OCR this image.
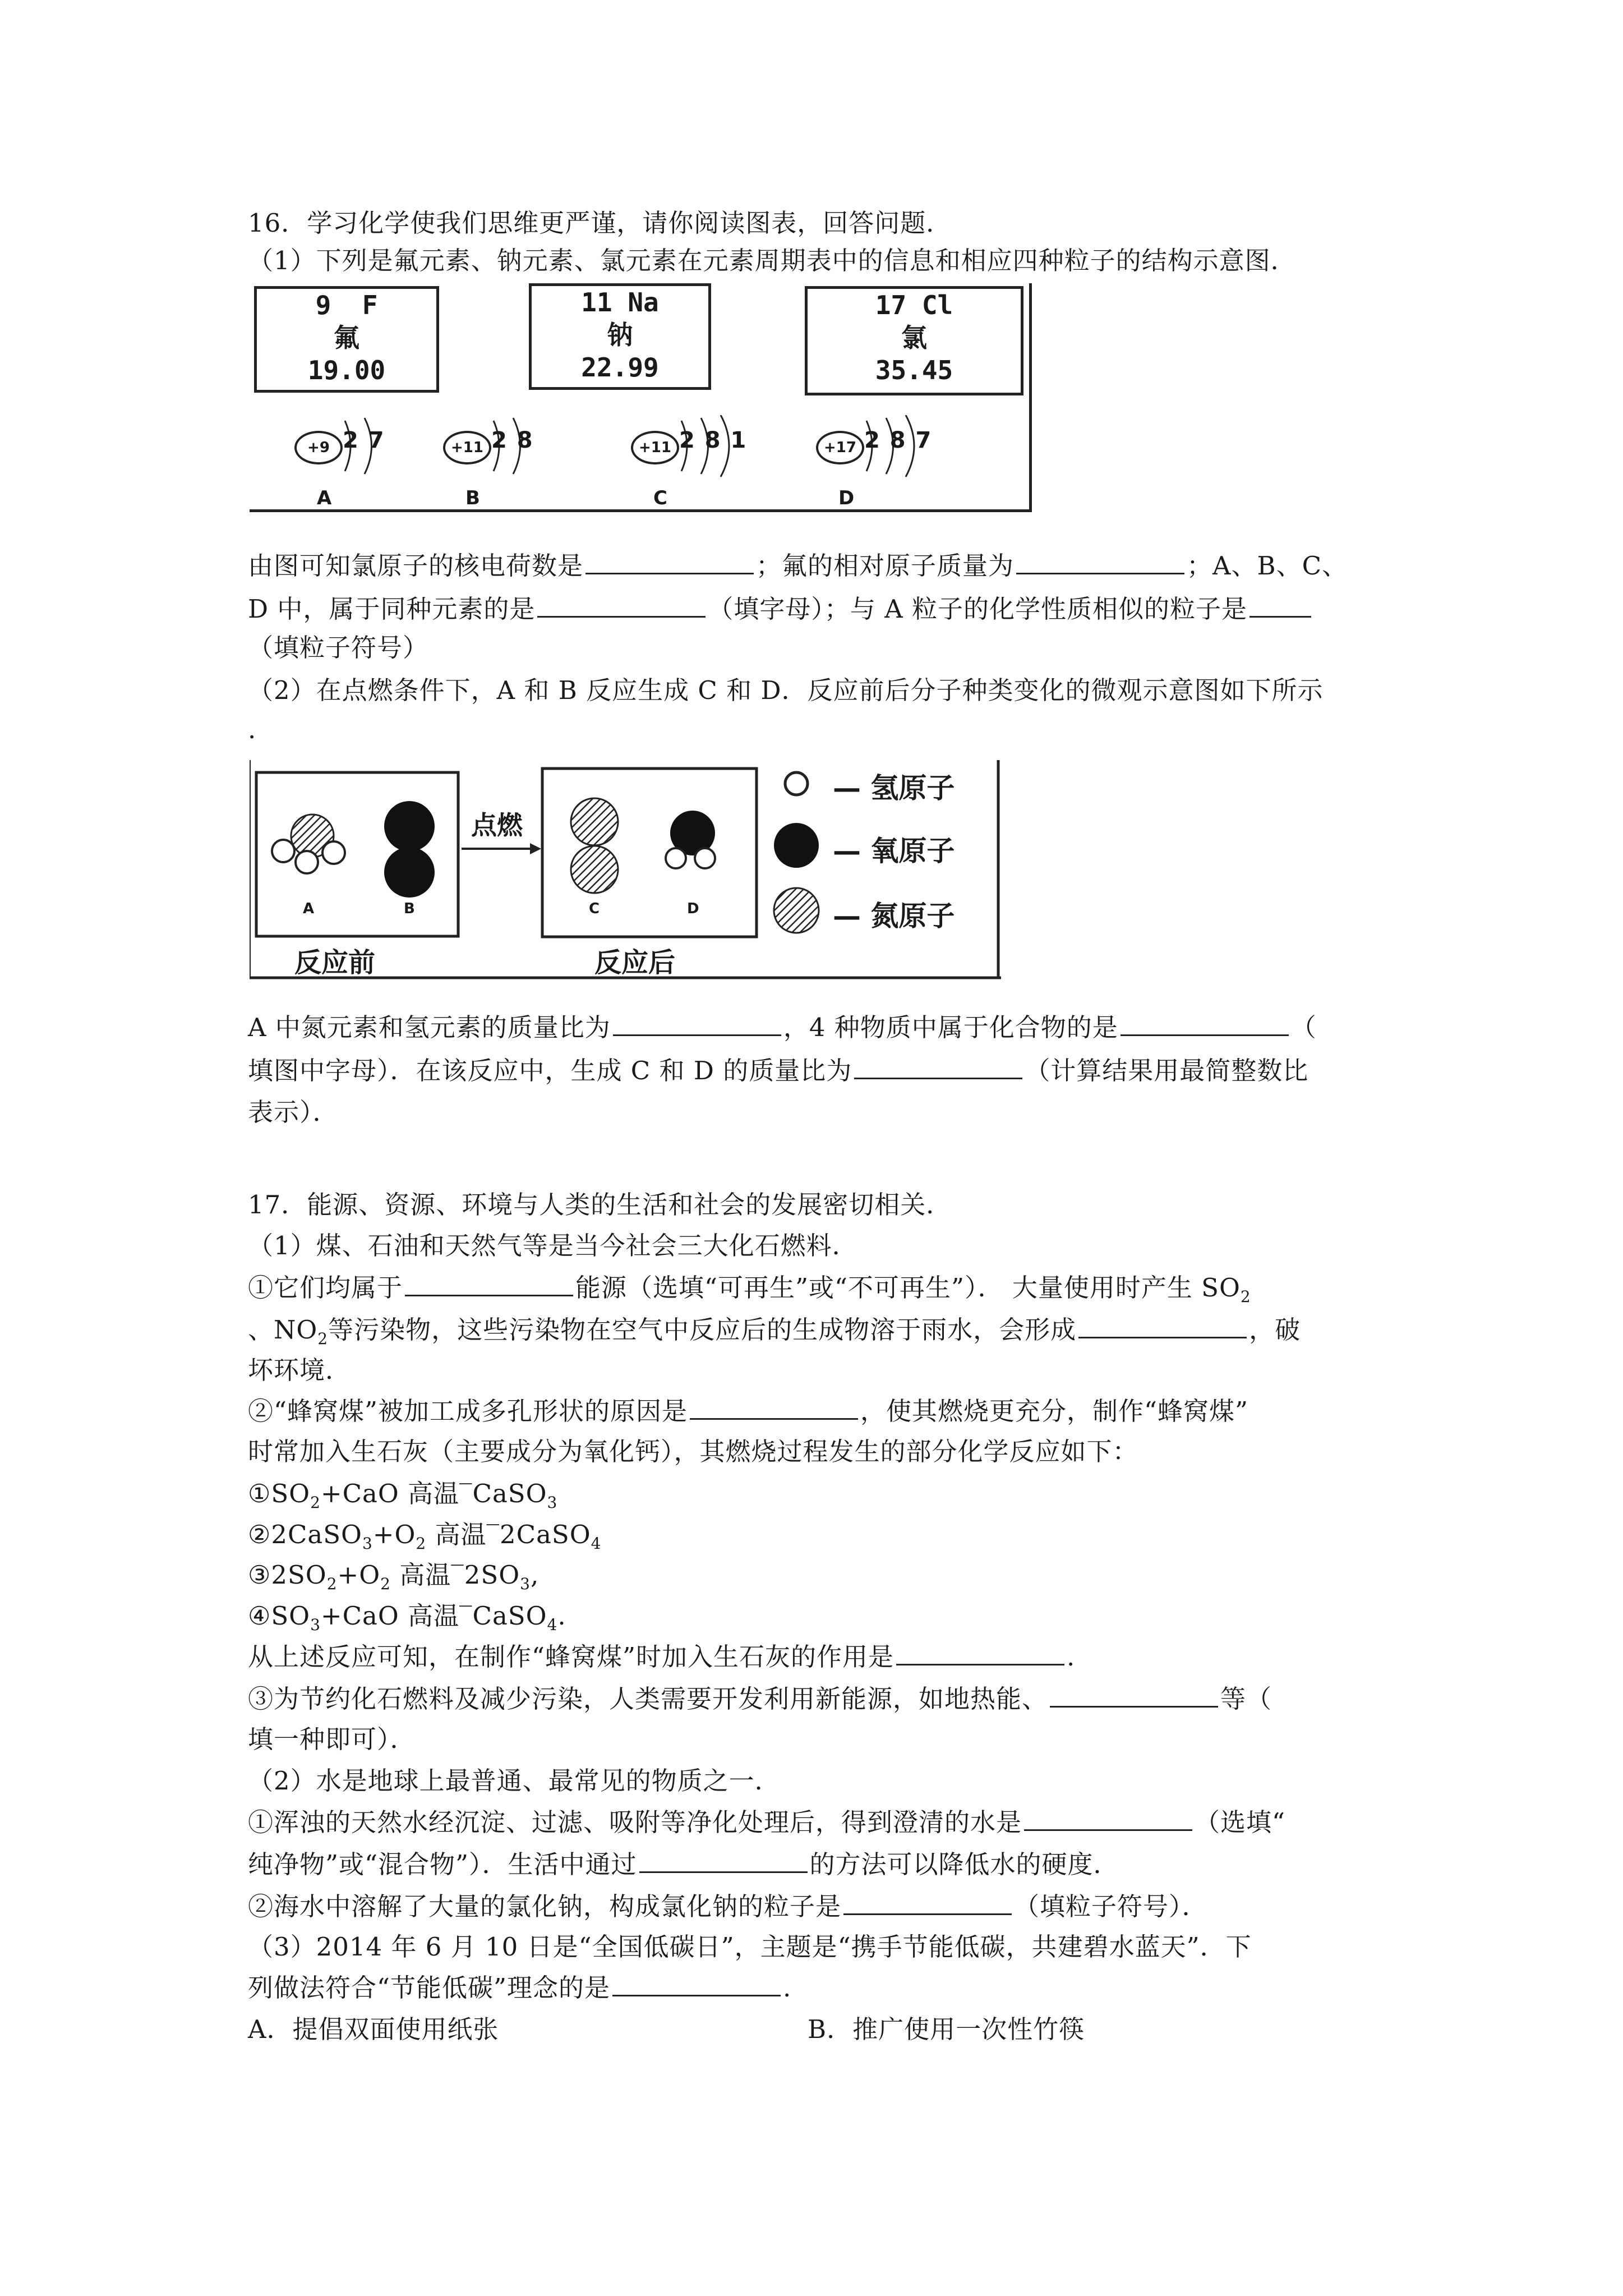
16．学习化学使我们思维更严谨，请你阅读图表，回答问题．
（1）下列是氟元素、钠元素、氯元素在元素周期表中的信息和相应四种粒子的结构示意图．
9  F
氟
19.00
11 Na
钠
22.99
17 Cl
氯
35.45
+9 2 7
A
+11 2 8
B
+11 2 8 1
C
+17 2 8 7
D
由图可知氯原子的核电荷数是	；氟的相对原子质量为	；A、B、C、
D 中，属于同种元素的是	（填字母）；与 A 粒子的化学性质相似的粒子是
（填粒子符号）
（2）在点燃条件下，A 和 B 反应生成 C 和 D．反应前后分子种类变化的微观示意图如下所示
.
点燃
A	B	C	D
反应前	反应后
— 氢原子
— 氧原子
— 氮原子
A 中氮元素和氢元素的质量比为	，4 种物质中属于化合物的是	（
填图中字母）．在该反应中，生成 C 和 D 的质量比为	（计算结果用最简整数比
表示）．
17．能源、资源、环境与人类的生活和社会的发展密切相关．
（1）煤、石油和天然气等是当今社会三大化石燃料．
①它们均属于	能源（选填“可再生”或“不可再生”）． 大量使用时产生 $SO_2$
、$NO_2$等污染物，这些污染物在空气中反应后的生成物溶于雨水，会形成	，破
坏环境．
②“蜂窝煤”被加工成多孔形状的原因是	，使其燃烧更充分，制作“蜂窝煤”
时常加入生石灰（主要成分为氧化钙），其燃烧过程发生的部分化学反应如下：
$①SO_2+CaO$ 高温‾CaSO$_3$
$②2CaSO_3+O_2$ 高温‾2CaSO$_4$
$③2SO_2+O_2$ 高温$‾2SO_3$,
$④SO_3+CaO$ 高温‾CaSO$_4$.
从上述反应可知，在制作“蜂窝煤”时加入生石灰的作用是	.
③为节约化石燃料及减少污染，人类需要开发利用新能源，如地热能、	等（
填一种即可）．
（2）水是地球上最普通、最常见的物质之一．
①浑浊的天然水经沉淀、过滤、吸附等净化处理后，得到澄清的水是	（选填“
纯净物”或“混合物”）．生活中通过	的方法可以降低水的硬度．
②海水中溶解了大量的氯化钠，构成氯化钠的粒子是	（填粒子符号）．
（3）2014 年 6 月 10 日是“全国低碳日”，主题是“携手节能低碳，共建碧水蓝天”．下
列做法符合“节能低碳”理念的是	.
A．提倡双面使用纸张	B．推广使用一次性竹筷
